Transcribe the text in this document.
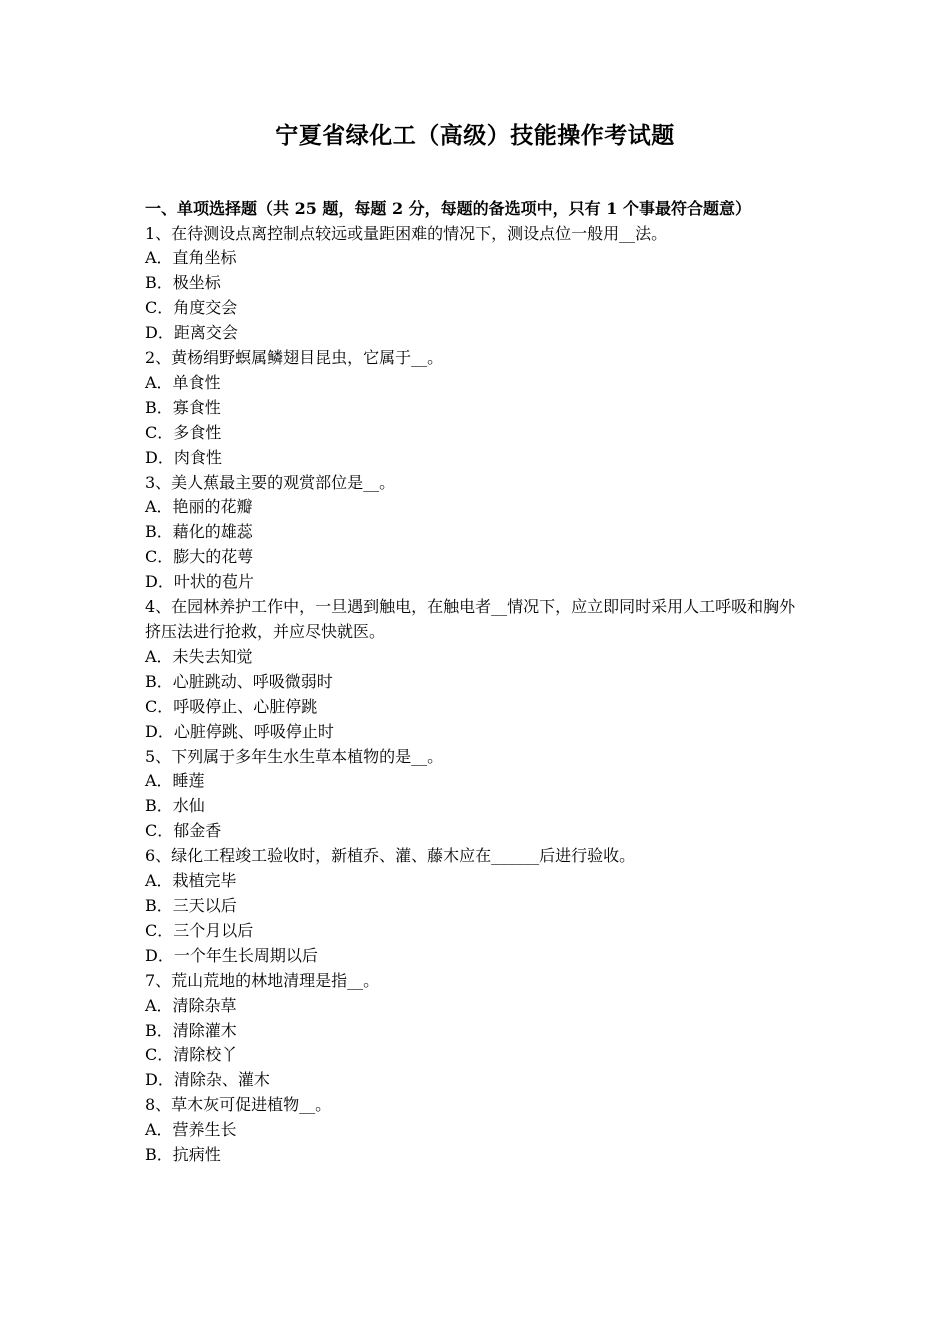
宁夏省绿化工（高级）技能操作考试题

一、单项选择题（共 25 题，每题 2 分，每题的备选项中，只有 1 个事最符合题意）

1、在待测设点离控制点较远或量距困难的情况下，测设点位一般用__法。

A．直角坐标

B．极坐标

C．角度交会

D．距离交会

2、黄杨绢野螟属鳞翅目昆虫，它属于__。

A．单食性

B．寡食性

C．多食性

D．肉食性

3、美人蕉最主要的观赏部位是__。

A．艳丽的花瓣

B．藉化的雄蕊

C．膨大的花萼

D．叶状的苞片

4、在园林养护工作中，一旦遇到触电，在触电者__情况下，应立即同时采用人工呼吸和胸外挤压法进行抢救，并应尽快就医。

A．未失去知觉

B．心脏跳动、呼吸微弱时

C．呼吸停止、心脏停跳

D．心脏停跳、呼吸停止时

5、下列属于多年生水生草本植物的是__。

A．睡莲

B．水仙

C．郁金香

6、绿化工程竣工验收时，新植乔、灌、藤木应在______后进行验收。

A．栽植完毕

B．三天以后

C．三个月以后

D．一个年生长周期以后

7、荒山荒地的林地清理是指__。

A．清除杂草

B．清除灌木

C．清除校丫

D．清除杂、灌木

8、草木灰可促进植物__。

A．营养生长

B．抗病性
